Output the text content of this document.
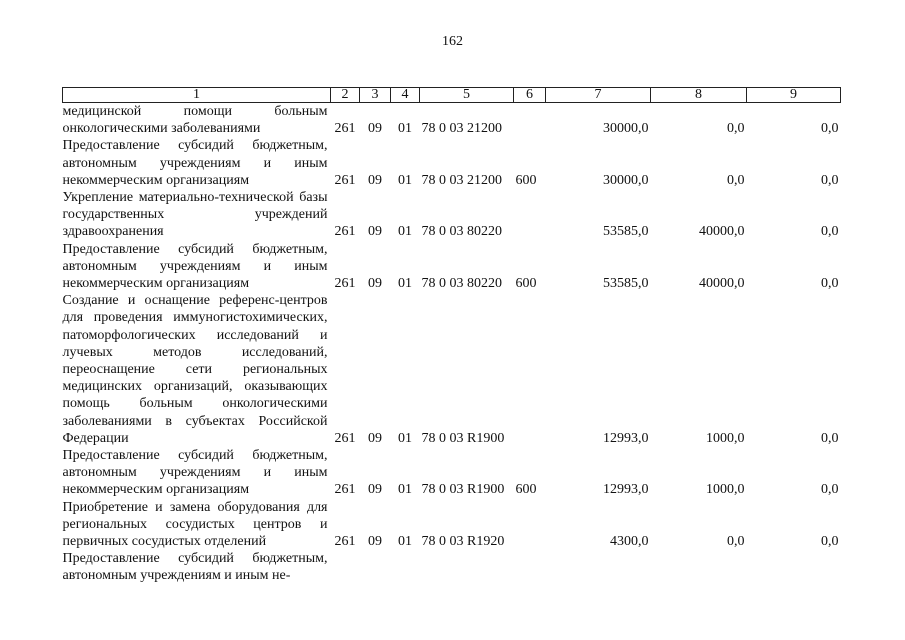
162
1	2	3	4	5	6	7	8	9
медицинской помощи больным онкологическими заболеваниями	261	09	01	78 0 03 21200		30000,0	0,0	0,0
Предоставление субсидий бюджетным, автономным учреждениям и иным некоммерческим организациям	261	09	01	78 0 03 21200	600	30000,0	0,0	0,0
Укрепление материально-технической базы государственных учреждений здравоохранения	261	09	01	78 0 03 80220		53585,0	40000,0	0,0
Предоставление субсидий бюджетным, автономным учреждениям и иным некоммерческим организациям	261	09	01	78 0 03 80220	600	53585,0	40000,0	0,0
Создание и оснащение референс-центров для проведения иммуногистохимических, патоморфологических исследований и лучевых методов исследований, переоснащение сети региональных медицинских организаций, оказывающих помощь больным онкологическими заболеваниями в субъектах Российской Федерации	261	09	01	78 0 03 R1900		12993,0	1000,0	0,0
Предоставление субсидий бюджетным, автономным учреждениям и иным некоммерческим организациям	261	09	01	78 0 03 R1900	600	12993,0	1000,0	0,0
Приобретение и замена оборудования для региональных сосудистых центров и первичных сосудистых отделений	261	09	01	78 0 03 R1920		4300,0	0,0	0,0
Предоставление субсидий бюджетным, автономным учреждениям и иным не-								
